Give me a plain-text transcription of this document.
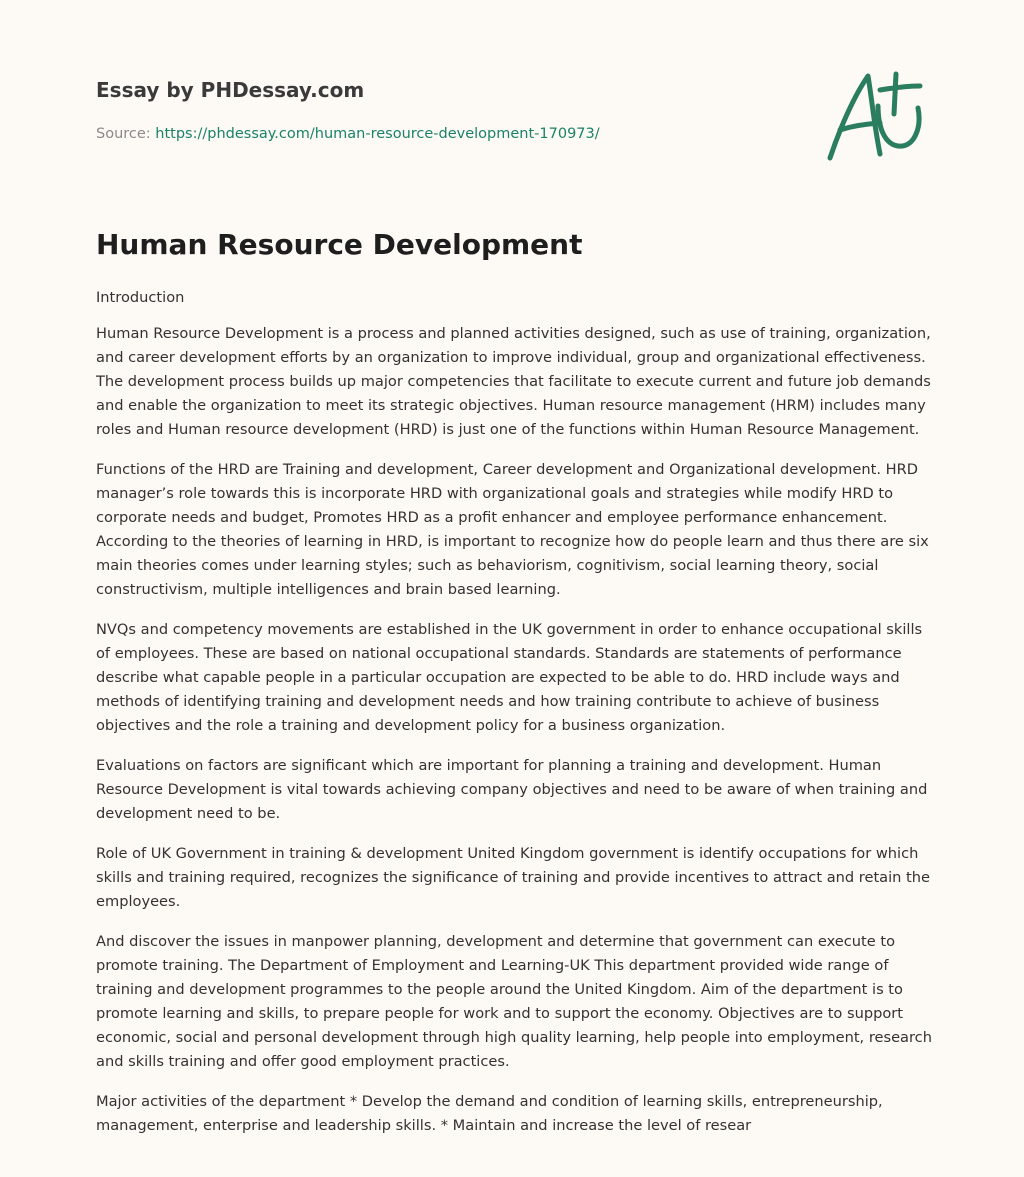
Essay by PHDessay.com
Source: https://phdessay.com/human-resource-development-170973/
Human Resource Development

Introduction

Human Resource Development is a process and planned activities designed, such as use of training, organization, and career development efforts by an organization to improve individual, group and organizational effectiveness. The development process builds up major competencies that facilitate to execute current and future job demands and enable the organization to meet its strategic objectives. Human resource management (HRM) includes many roles and Human resource development (HRD) is just one of the functions within Human Resource Management.

Functions of the HRD are Training and development, Career development and Organizational development. HRD manager’s role towards this is incorporate HRD with organizational goals and strategies while modify HRD to corporate needs and budget, Promotes HRD as a profit enhancer and employee performance enhancement. According to the theories of learning in HRD, is important to recognize how do people learn and thus there are six main theories comes under learning styles; such as behaviorism, cognitivism, social learning theory, social constructivism, multiple intelligences and brain based learning.

NVQs and competency movements are established in the UK government in order to enhance occupational skills of employees. These are based on national occupational standards. Standards are statements of performance describe what capable people in a particular occupation are expected to be able to do. HRD include ways and methods of identifying training and development needs and how training contribute to achieve of business objectives and the role a training and development policy for a business organization.

Evaluations on factors are significant which are important for planning a training and development. Human Resource Development is vital towards achieving company objectives and need to be aware of when training and development need to be.

Role of UK Government in training & development United Kingdom government is identify occupations for which skills and training required, recognizes the significance of training and provide incentives to attract and retain the employees.

And discover the issues in manpower planning, development and determine that government can execute to promote training. The Department of Employment and Learning-UK This department provided wide range of training and development programmes to the people around the United Kingdom. Aim of the department is to promote learning and skills, to prepare people for work and to support the economy. Objectives are to support economic, social and personal development through high quality learning, help people into employment, research and skills training and offer good employment practices.

Major activities of the department * Develop the demand and condition of learning skills, entrepreneurship, management, enterprise and leadership skills. * Maintain and increase the level of resear
